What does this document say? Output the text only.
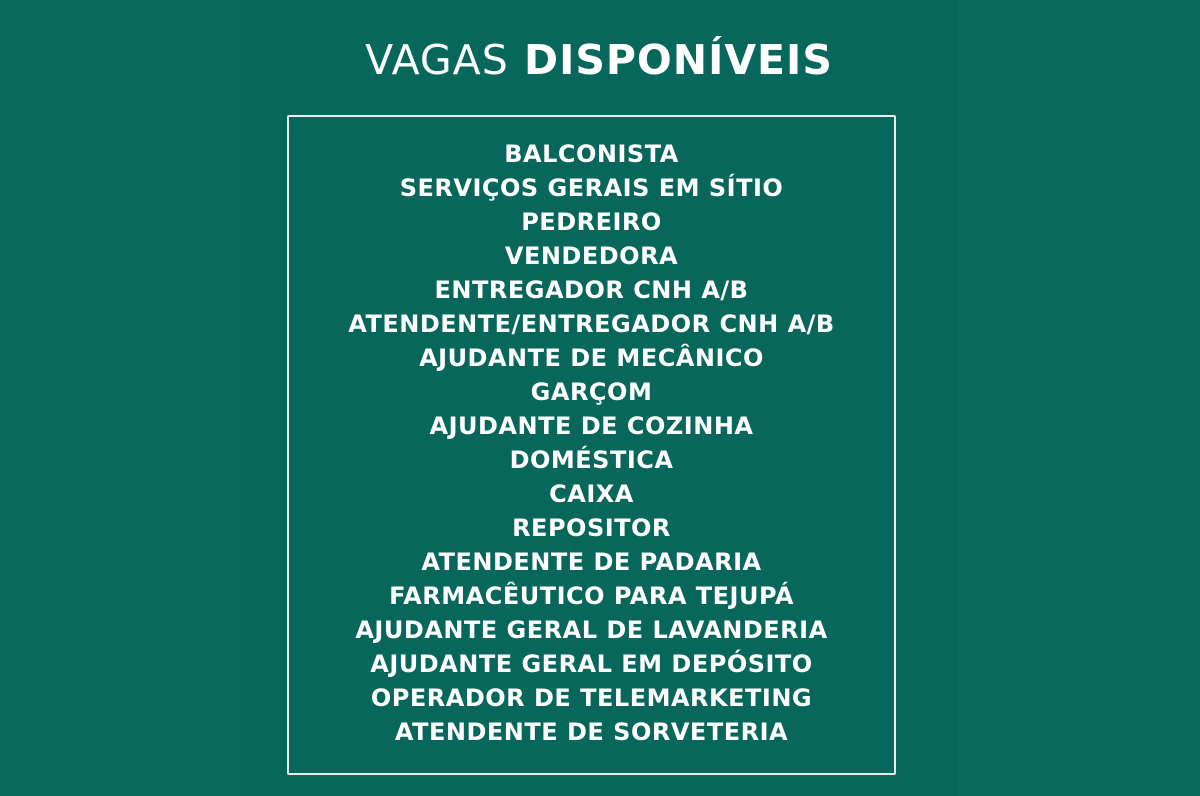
VAGAS DISPONÍVEIS
BALCONISTA
SERVIÇOS GERAIS EM SÍTIO
PEDREIRO
VENDEDORA
ENTREGADOR CNH A/B
ATENDENTE/ENTREGADOR CNH A/B
AJUDANTE DE MECÂNICO
GARÇOM
AJUDANTE DE COZINHA
DOMÉSTICA
CAIXA
REPOSITOR
ATENDENTE DE PADARIA
FARMACÊUTICO PARA TEJUPÁ
AJUDANTE GERAL DE LAVANDERIA
AJUDANTE GERAL EM DEPÓSITO
OPERADOR DE TELEMARKETING
ATENDENTE DE SORVETERIA
